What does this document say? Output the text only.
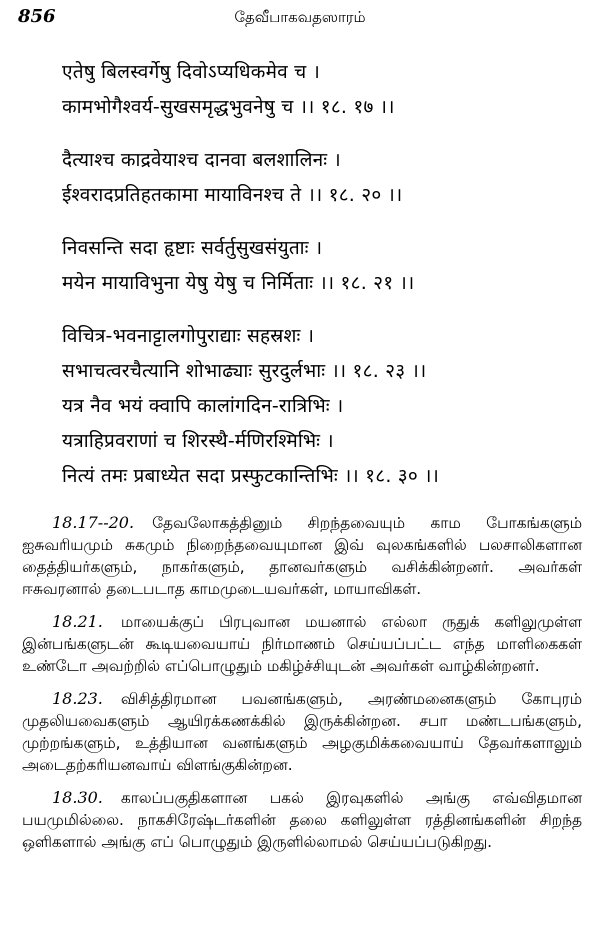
856	தேவீபாகவதஸாரம்
एतेषु बिलस्वर्गेषु दिवोऽप्यधिकमेव च ।
कामभोगैश्वर्य-सुखसमृद्धभुवनेषु च ।। १८. १७ ।।
दैत्याश्च काद्रवेयाश्च दानवा बलशालिनः ।
ईश्वरादप्रतिहतकामा मायाविनश्च ते ।। १८. २० ।।
निवसन्ति सदा हृष्टाः सर्वर्तुसुखसंयुताः ।
मयेन मायाविभुना येषु येषु च निर्मिताः ।। १८. २१ ।।
विचित्र-भवनाट्टालगोपुराद्याः सहस्रशः ।
सभाचत्वरचैत्यानि शोभाढ्याः सुरदुर्लभाः ।। १८. २३ ।।
यत्र नैव भयं क्वापि कालांगदिन-रात्रिभिः ।
यत्राहिप्रवराणां च शिरस्थै-र्मणिरश्मिभिः ।
नित्यं तमः प्रबाध्येत सदा प्रस्फुटकान्तिभिः ।। १८. ३० ।।
18.17--20. தேவலோகத்தினும் சிறந்தவையும் காம போகங்களும் ஐசுவரியமும் சுகமும் நிறைந்தவையுமான இவ் வுலகங்களில் பலசாலிகளான தைத்தியர்களும், நாகர்களும், தானவர்களும் வசிக்கின்றனர். அவர்கள் ஈசுவரனால் தடைபடாத காமமுடையவர்கள், மாயாவிகள்.
18.21. மாயைக்குப் பிரபுவான மயனால் எல்லா ருதுக் களிலுமுள்ள இன்பங்களுடன் கூடியவையாய் நிர்மாணம் செய்யப்பட்ட எந்த மாளிகைகள் உண்டோ அவற்றில் எப்பொழுதும் மகிழ்ச்சியுடன் அவர்கள் வாழ்கின்றனர்.
18.23. விசித்திரமான பவனங்களும், அரண்மனைகளும் கோபுரம் முதலியவைகளும் ஆயிரக்கணக்கில் இருக்கின்றன. சபா மண்டபங்களும், முற்றங்களும், உத்தியான வனங்களும் அழகுமிக்கவையாய் தேவர்களாலும் அடைதற்கரியனவாய் விளங்குகின்றன.
18.30. காலப்பகுதிகளான பகல் இரவுகளில் அங்கு எவ்விதமான பயமுமில்லை. நாகசிரேஷ்டர்களின் தலை களிலுள்ள ரத்தினங்களின் சிறந்த ஒளிகளால் அங்கு எப் பொழுதும் இருளில்லாமல் செய்யப்படுகிறது.
